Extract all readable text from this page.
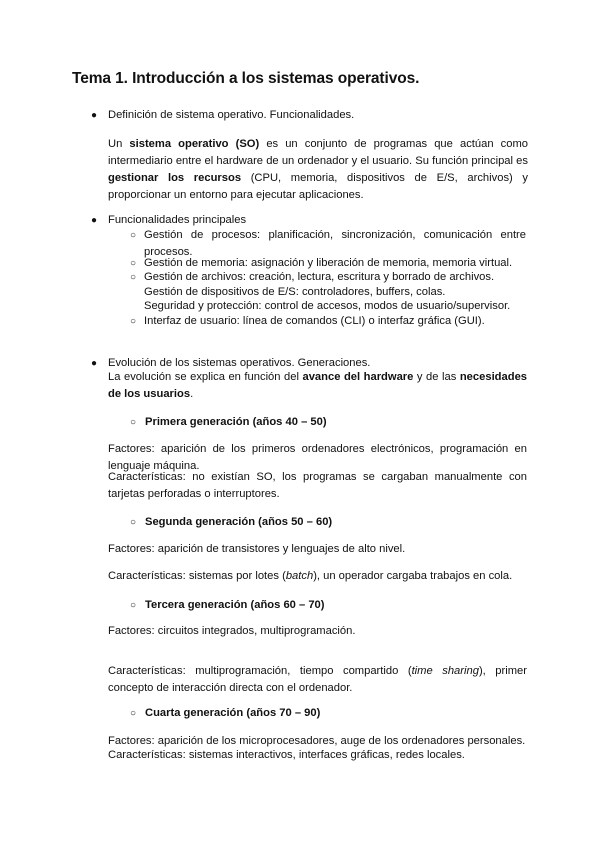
Tema 1. Introducción a los sistemas operativos.
● Definición de sistema operativo. Funcionalidades.
Un sistema operativo (SO) es un conjunto de programas que actúan como
intermediario entre el hardware de un ordenador y el usuario. Su función principal es
gestionar los recursos (CPU, memoria, dispositivos de E/S, archivos) y
proporcionar un entorno para ejecutar aplicaciones.
● Funcionalidades principales
○ Gestión de procesos: planificación, sincronización, comunicación entre
procesos.
○ Gestión de memoria: asignación y liberación de memoria, memoria virtual.
○ Gestión de archivos: creación, lectura, escritura y borrado de archivos.
Gestión de dispositivos de E/S: controladores, buffers, colas.
Seguridad y protección: control de accesos, modos de usuario/supervisor.
○ Interfaz de usuario: línea de comandos (CLI) o interfaz gráfica (GUI).
● Evolución de los sistemas operativos. Generaciones.
La evolución se explica en función del avance del hardware y de las necesidades
de los usuarios.
○ Primera generación (años 40 – 50)
Factores: aparición de los primeros ordenadores electrónicos, programación en
lenguaje máquina.
Características: no existían SO, los programas se cargaban manualmente con
tarjetas perforadas o interruptores.
○ Segunda generación (años 50 – 60)
Factores: aparición de transistores y lenguajes de alto nivel.
Características: sistemas por lotes (batch), un operador cargaba trabajos en cola.
○ Tercera generación (años 60 – 70)
Factores: circuitos integrados, multiprogramación.
Características: multiprogramación, tiempo compartido (time sharing), primer
concepto de interacción directa con el ordenador.
○ Cuarta generación (años 70 – 90)
Factores: aparición de los microprocesadores, auge de los ordenadores personales.
Características: sistemas interactivos, interfaces gráficas, redes locales.
